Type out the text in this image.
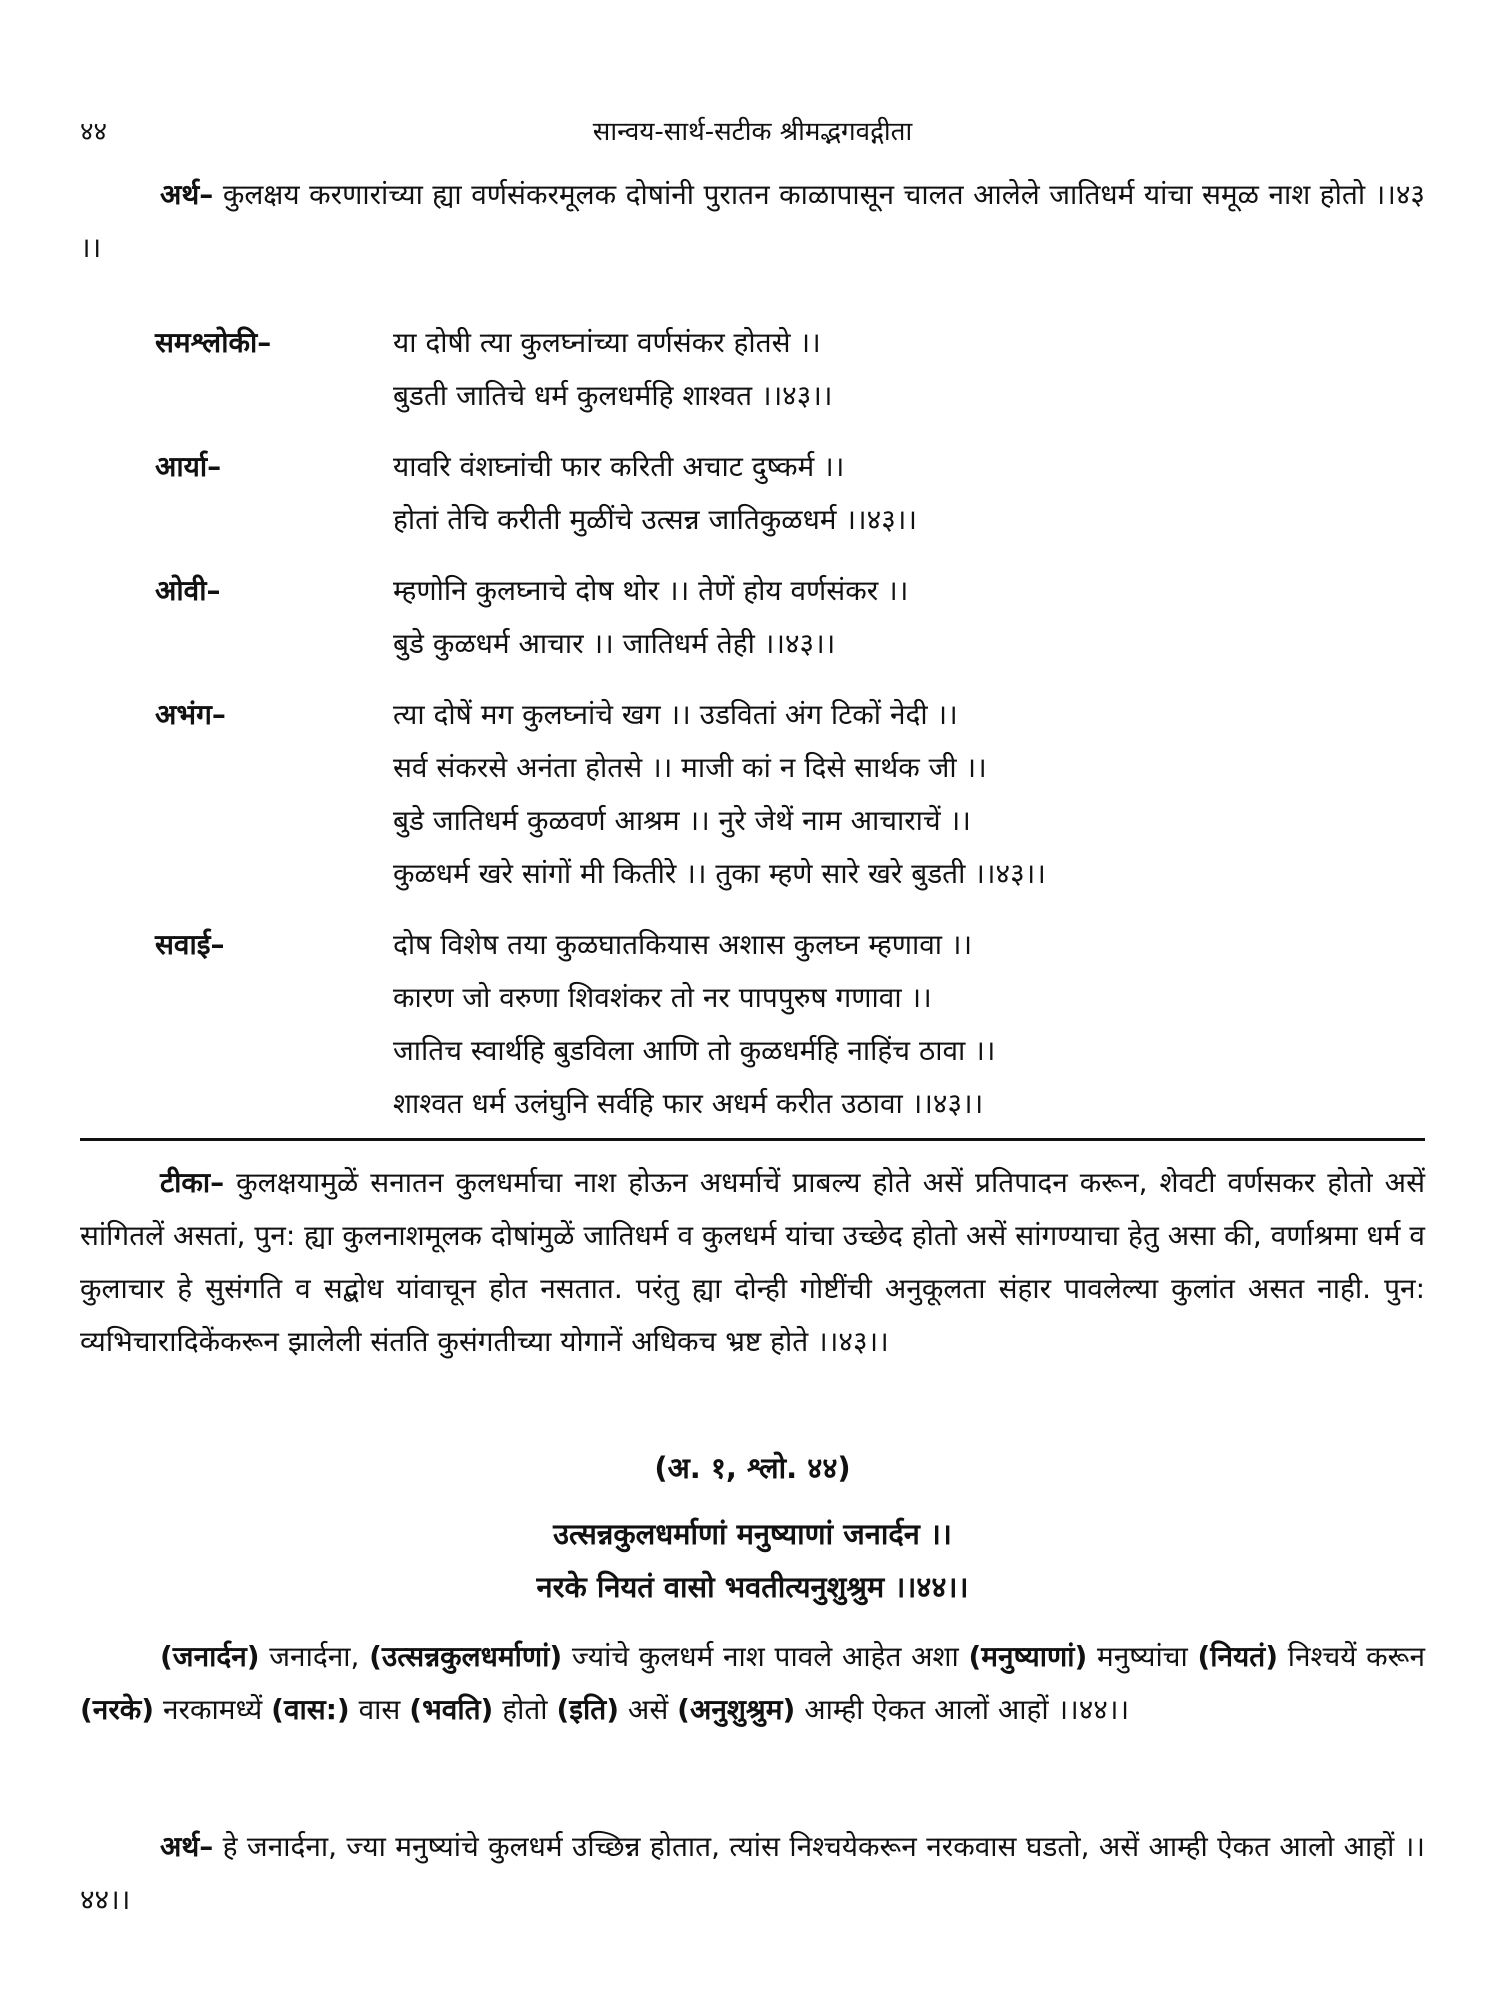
४४	सान्वय-सार्थ-सटीक श्रीमद्भगवद्गीता

अर्थ– कुलक्षय करणारांच्या ह्या वर्णसंकरमूलक दोषांनी पुरातन काळापासून चालत आलेले जातिधर्म यांचा समूळ नाश होतो ।।४३ ।।

समश्लोकी–	या दोषी त्या कुलघ्नांच्या वर्णसंकर होतसे ।।
बुडती जातिचे धर्म कुलधर्महि शाश्वत ।।४३।।
आर्या–	यावरि वंशघ्नांची फार करिती अचाट दुष्कर्म ।।
होतां तेचि करीती मुळींचे उत्सन्न जातिकुळधर्म ।।४३।।
ओवी–	म्हणोनि कुलघ्नाचे दोष थोर ।। तेणें होय वर्णसंकर ।।
बुडे कुळधर्म आचार ।। जातिधर्म तेही ।।४३।।
अभंग–	त्या दोषें मग कुलघ्नांचे खग ।। उडवितां अंग टिकों नेदी ।।
सर्व संकरसे अनंता होतसे ।। माजी कां न दिसे सार्थक जी ।।
बुडे जातिधर्म कुळवर्ण आश्रम ।। नुरे जेथें नाम आचाराचें ।।
कुळधर्म खरे सांगों मी कितीरे ।। तुका म्हणे सारे खरे बुडती ।।४३।।
सवाई–	दोष विशेष तया कुळघातकियास अशास कुलघ्न म्हणावा ।।
कारण जो वरुणा शिवशंकर तो नर पापपुरुष गणावा ।।
जातिच स्वार्थहि बुडविला आणि तो कुळधर्महि नाहिंच ठावा ।।
शाश्वत धर्म उलंघुनि सर्वहि फार अधर्म करीत उठावा ।।४३।।

टीका– कुलक्षयामुळें सनातन कुलधर्माचा नाश होऊन अधर्माचें प्राबल्य होते असें प्रतिपादन करून, शेवटी वर्णसकर होतो असें सांगितलें असतां, पुन: ह्या कुलनाशमूलक दोषांमुळें जातिधर्म व कुलधर्म यांचा उच्छेद होतो असें सांगण्याचा हेतु असा की, वर्णाश्रमा धर्म व कुलाचार हे सुसंगति व सद्बोध यांवाचून होत नसतात. परंतु ह्या दोन्ही गोष्टींची अनुकूलता संहार पावलेल्या कुलांत असत नाही. पुन: व्यभिचारादिकेंकरून झालेली संतति कुसंगतीच्या योगानें अधिकच भ्रष्ट होते ।।४३।।

(अ. १, श्लो. ४४)
उत्सन्नकुलधर्माणां मनुष्याणां जनार्दन ।।
नरके नियतं वासो भवतीत्यनुशुश्रुम ।।४४।।

(जनार्दन) जनार्दना, (उत्सन्नकुलधर्माणां) ज्यांचे कुलधर्म नाश पावले आहेत अशा (मनुष्याणां) मनुष्यांचा (नियतं) निश्चयें करून (नरके) नरकामध्यें (वास:) वास (भवति) होतो (इति) असें (अनुशुश्रुम) आम्ही ऐकत आलों आहों ।।४४।।

अर्थ– हे जनार्दना, ज्या मनुष्यांचे कुलधर्म उच्छिन्न होतात, त्यांस निश्चयेकरून नरकवास घडतो, असें आम्ही ऐकत आलो आहों ।।४४।।
